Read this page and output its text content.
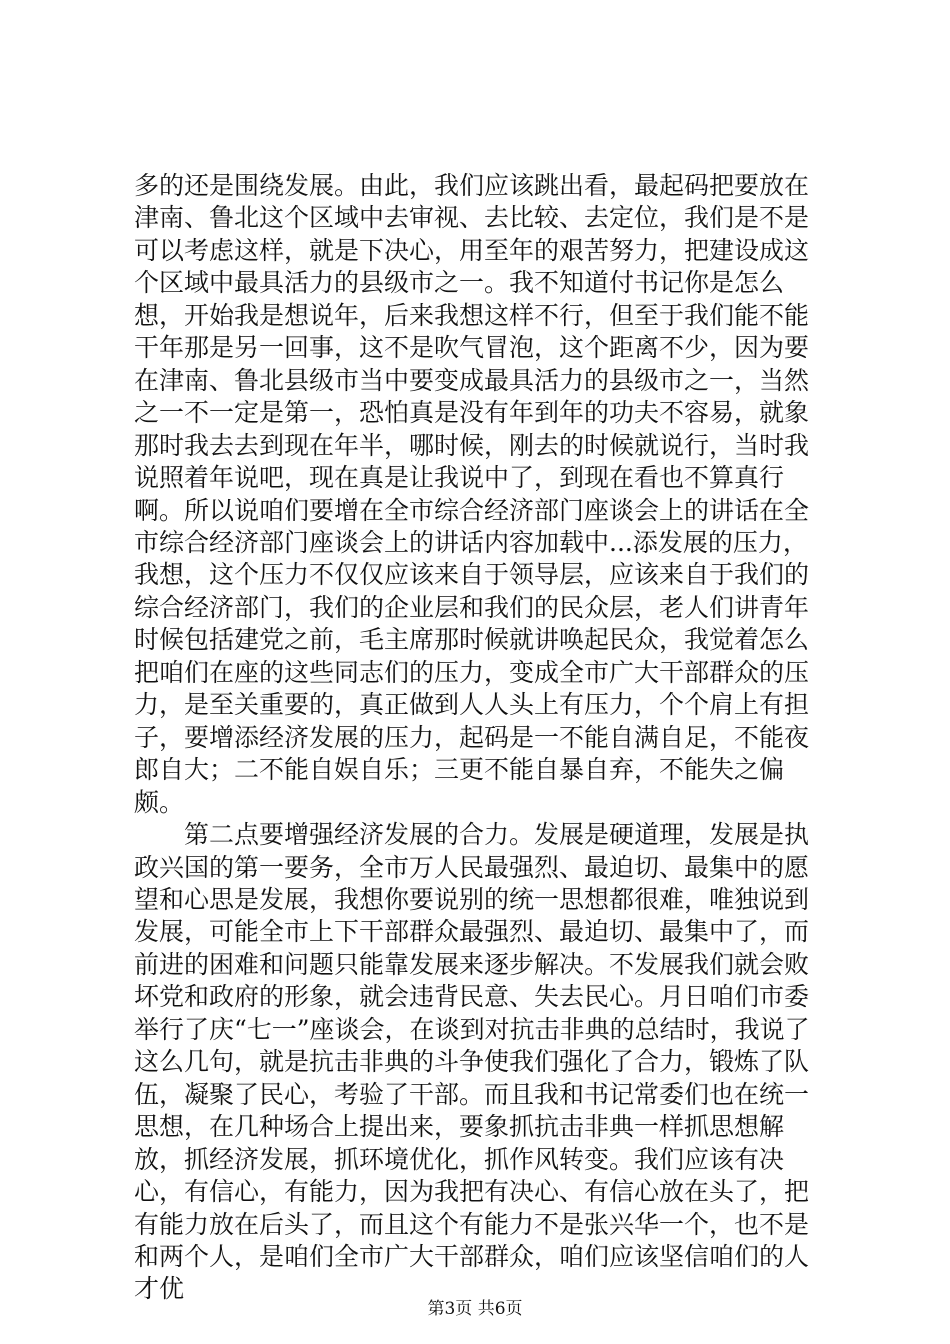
多的还是围绕发展。由此，我们应该跳出看，最起码把要放在津南、鲁北这个区域中去审视、去比较、去定位，我们是不是可以考虑这样，就是下决心，用至年的艰苦努力，把建设成这个区域中最具活力的县级市之一。我不知道付书记你是怎么想，开始我是想说年，后来我想这样不行，但至于我们能不能干年那是另一回事，这不是吹气冒泡，这个距离不少，因为要在津南、鲁北县级市当中要变成最具活力的县级市之一，当然之一不一定是第一，恐怕真是没有年到年的功夫不容易，就象那时我去去到现在年半，哪时候，刚去的时候就说行，当时我说照着年说吧，现在真是让我说中了，到现在看也不算真行啊。所以说咱们要增在全市综合经济部门座谈会上的讲话在全市综合经济部门座谈会上的讲话内容加载中...添发展的压力，我想，这个压力不仅仅应该来自于领导层，应该来自于我们的综合经济部门，我们的企业层和我们的民众层，老人们讲青年时候包括建党之前，毛主席那时候就讲唤起民众，我觉着怎么把咱们在座的这些同志们的压力，变成全市广大干部群众的压力，是至关重要的，真正做到人人头上有压力，个个肩上有担子，要增添经济发展的压力，起码是一不能自满自足，不能夜郎自大；二不能自娱自乐；三更不能自暴自弃，不能失之偏颇。

第二点要增强经济发展的合力。发展是硬道理，发展是执政兴国的第一要务，全市万人民最强烈、最迫切、最集中的愿望和心思是发展，我想你要说别的统一思想都很难，唯独说到发展，可能全市上下干部群众最强烈、最迫切、最集中了，而前进的困难和问题只能靠发展来逐步解决。不发展我们就会败坏党和政府的形象，就会违背民意、失去民心。月日咱们市委举行了庆“七一”座谈会，在谈到对抗击非典的总结时，我说了这么几句，就是抗击非典的斗争使我们强化了合力，锻炼了队伍，凝聚了民心，考验了干部。而且我和书记常委们也在统一思想，在几种场合上提出来，要象抓抗击非典一样抓思想解放，抓经济发展，抓环境优化，抓作风转变。我们应该有决心，有信心，有能力，因为我把有决心、有信心放在头了，把有能力放在后头了，而且这个有能力不是张兴华一个，也不是和两个人，是咱们全市广大干部群众，咱们应该坚信咱们的人才优

第3页 共6页
